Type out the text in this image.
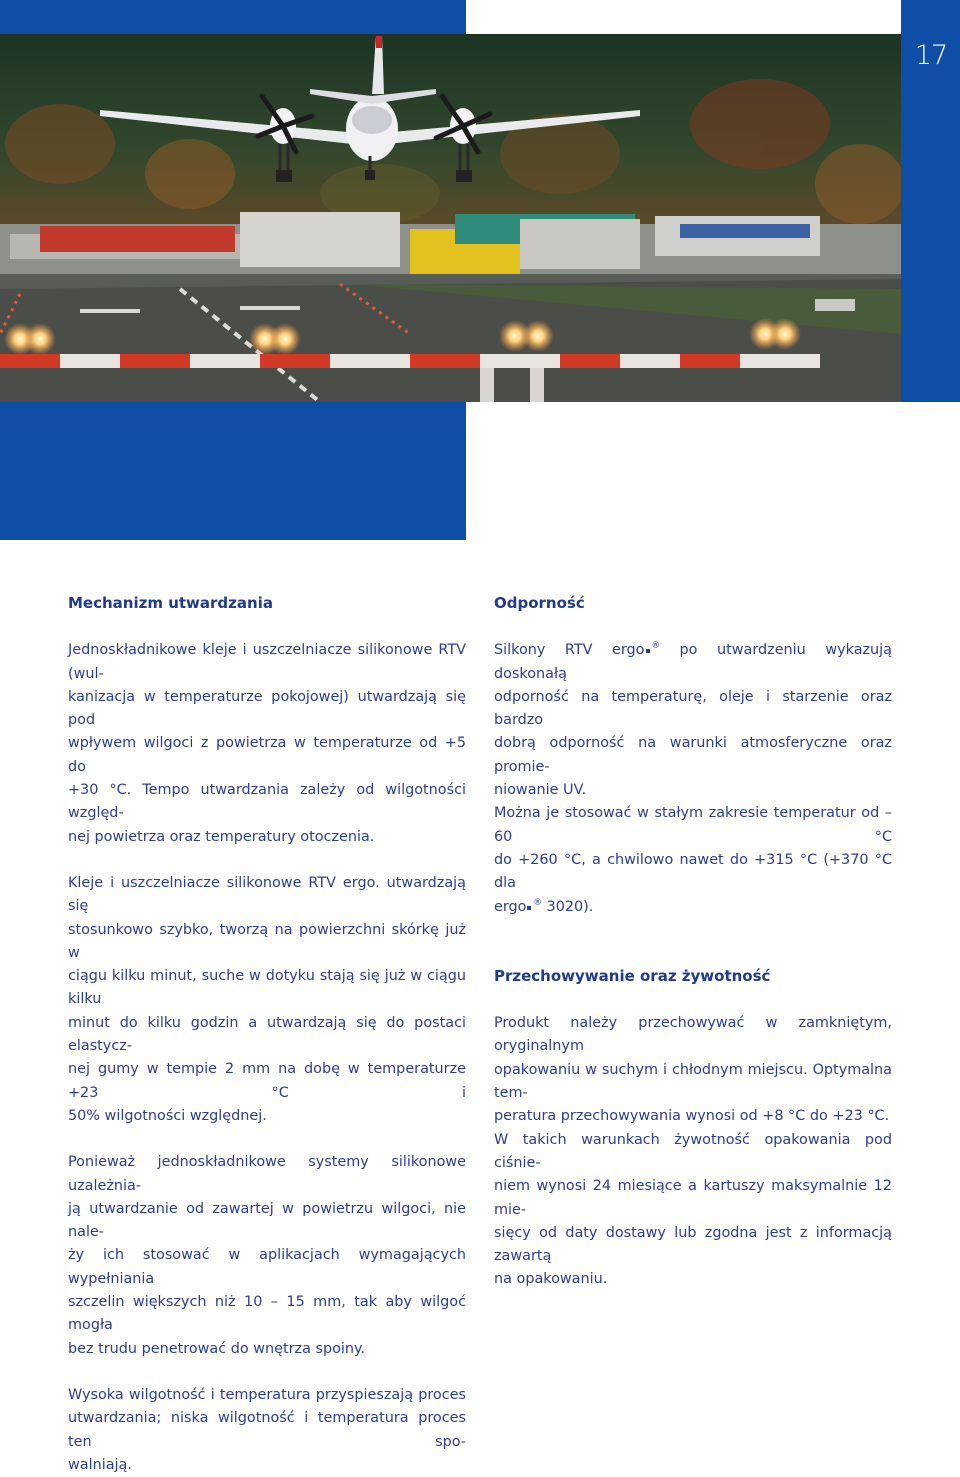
17
Mechanizm utwardzania
Jednoskładnikowe kleje i uszczelniacze silikonowe RTV (wul-
kanizacja w temperaturze pokojowej) utwardzają się pod
wpływem wilgoci z powietrza w temperaturze od +5 do
+30 °C. Tempo utwardzania zależy od wilgotności względ-
nej powietrza oraz temperatury otoczenia.
Kleje i uszczelniacze silikonowe RTV ergo. utwardzają się
stosunkowo szybko, tworzą na powierzchni skórkę już w
ciągu kilku minut, suche w dotyku stają się już w ciągu kilku
minut do kilku godzin a utwardzają się do postaci elastycz-
nej gumy w tempie 2 mm na dobę w temperaturze +23 °C i
50% wilgotności względnej.
Ponieważ jednoskładnikowe systemy silikonowe uzależnia-
ją utwardzanie od zawartej w powietrzu wilgoci, nie nale-
ży ich stosować w aplikacjach wymagających wypełniania
szczelin większych niż 10 – 15 mm, tak aby wilgoć mogła
bez trudu penetrować do wnętrza spoiny.
Wysoka wilgotność i temperatura przyspieszają proces
utwardzania; niska wilgotność i temperatura proces ten spo-
walniają.
Odporność
Silkony RTV ergo ® po utwardzeniu wykazują doskonałą
odporność na temperaturę, oleje i starzenie oraz bardzo
dobrą odporność na warunki atmosferyczne oraz promie-
niowanie UV.
Można je stosować w stałym zakresie temperatur od – 60 °C
do +260 °C, a chwilowo nawet do +315 °C (+370 °C dla
ergo ® 3020).
Przechowywanie oraz żywotność
Produkt należy przechowywać w zamkniętym, oryginalnym
opakowaniu w suchym i chłodnym miejscu. Optymalna tem-
peratura przechowywania wynosi od +8 °C do +23 °C.
W takich warunkach żywotność opakowania pod ciśnie-
niem wynosi 24 miesiące a kartuszy maksymalnie 12 mie-
sięcy od daty dostawy lub zgodna jest z informacją zawartą
na opakowaniu.
